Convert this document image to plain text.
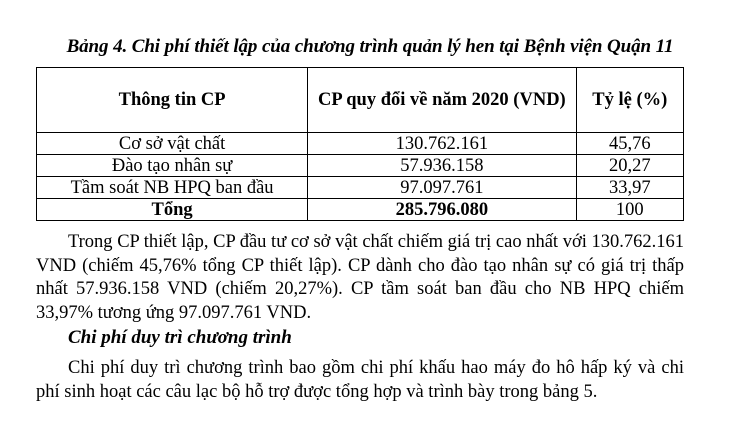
Bảng 4. Chi phí thiết lập của chương trình quản lý hen tại Bệnh viện Quận 11
Thông tin CP	CP quy đổi về năm 2020 (VND)	Tỷ lệ (%)
Cơ sở vật chất	130.762.161	45,76
Đào tạo nhân sự	57.936.158	20,27
Tầm soát NB HPQ ban đầu	97.097.761	33,97
Tổng	285.796.080	100
Trong CP thiết lập, CP đầu tư cơ sở vật chất chiếm giá trị cao nhất với 130.762.161 VND (chiếm 45,76% tổng CP thiết lập). CP dành cho đào tạo nhân sự có giá trị thấp nhất 57.936.158 VND (chiếm 20,27%). CP tầm soát ban đầu cho NB HPQ chiếm 33,97% tương ứng 97.097.761 VND.
Chi phí duy trì chương trình
Chi phí duy trì chương trình bao gồm chi phí khấu hao máy đo hô hấp ký và chi phí sinh hoạt các câu lạc bộ hỗ trợ được tổng hợp và trình bày trong bảng 5.
